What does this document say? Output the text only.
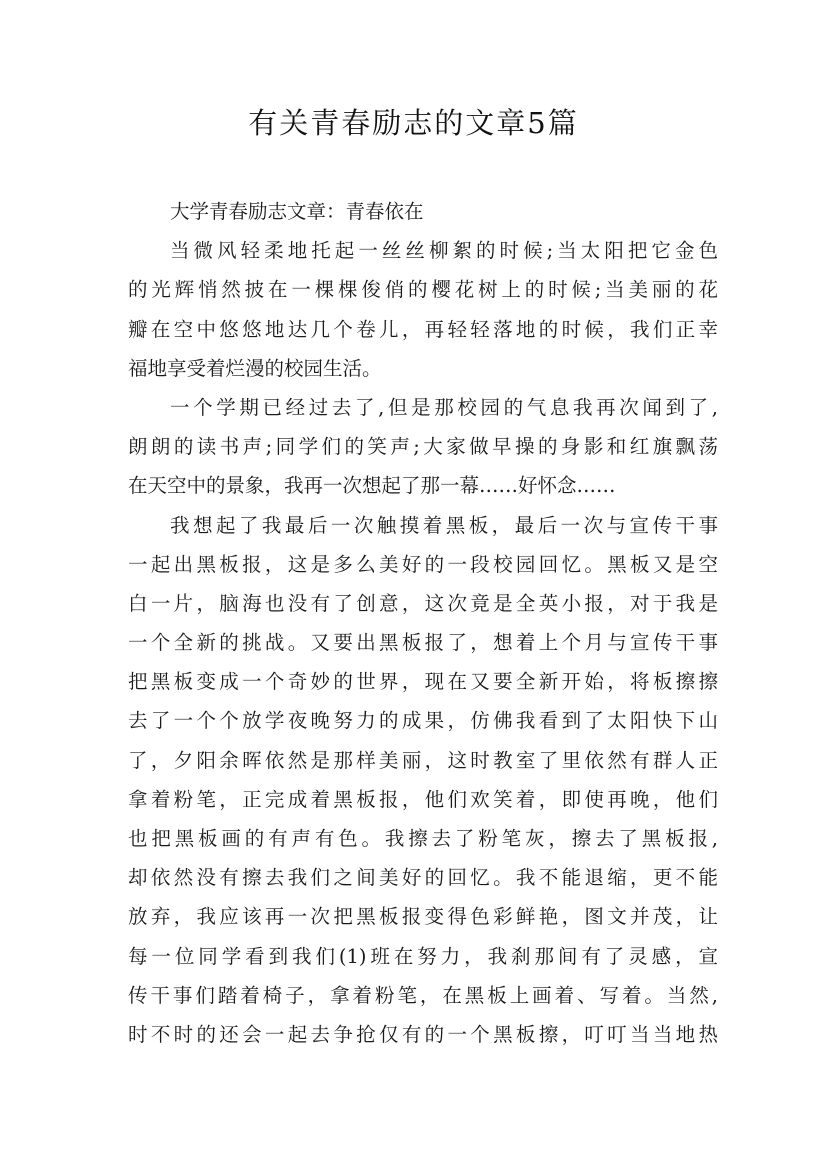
有关青春励志的文章5篇
大学青春励志文章：青春依在
当微风轻柔地托起一丝丝柳絮的时候;当太阳把它金色
的光辉悄然披在一棵棵俊俏的樱花树上的时候;当美丽的花
瓣在空中悠悠地达几个卷儿，再轻轻落地的时候，我们正幸
福地享受着烂漫的校园生活。
一个学期已经过去了,但是那校园的气息我再次闻到了,
朗朗的读书声;同学们的笑声;大家做早操的身影和红旗飘荡
在天空中的景象，我再一次想起了那一幕……好怀念……
我想起了我最后一次触摸着黑板，最后一次与宣传干事
一起出黑板报，这是多么美好的一段校园回忆。黑板又是空
白一片，脑海也没有了创意，这次竟是全英小报，对于我是
一个全新的挑战。又要出黑板报了，想着上个月与宣传干事
把黑板变成一个奇妙的世界，现在又要全新开始，将板擦擦
去了一个个放学夜晚努力的成果，仿佛我看到了太阳快下山
了，夕阳余晖依然是那样美丽，这时教室了里依然有群人正
拿着粉笔，正完成着黑板报，他们欢笑着，即使再晚，他们
也把黑板画的有声有色。我擦去了粉笔灰，擦去了黑板报,
却依然没有擦去我们之间美好的回忆。我不能退缩，更不能
放弃，我应该再一次把黑板报变得色彩鲜艳，图文并茂，让
每一位同学看到我们(1)班在努力，我刹那间有了灵感，宣
传干事们踏着椅子，拿着粉笔，在黑板上画着、写着。当然,
时不时的还会一起去争抢仅有的一个黑板擦，叮叮当当地热
